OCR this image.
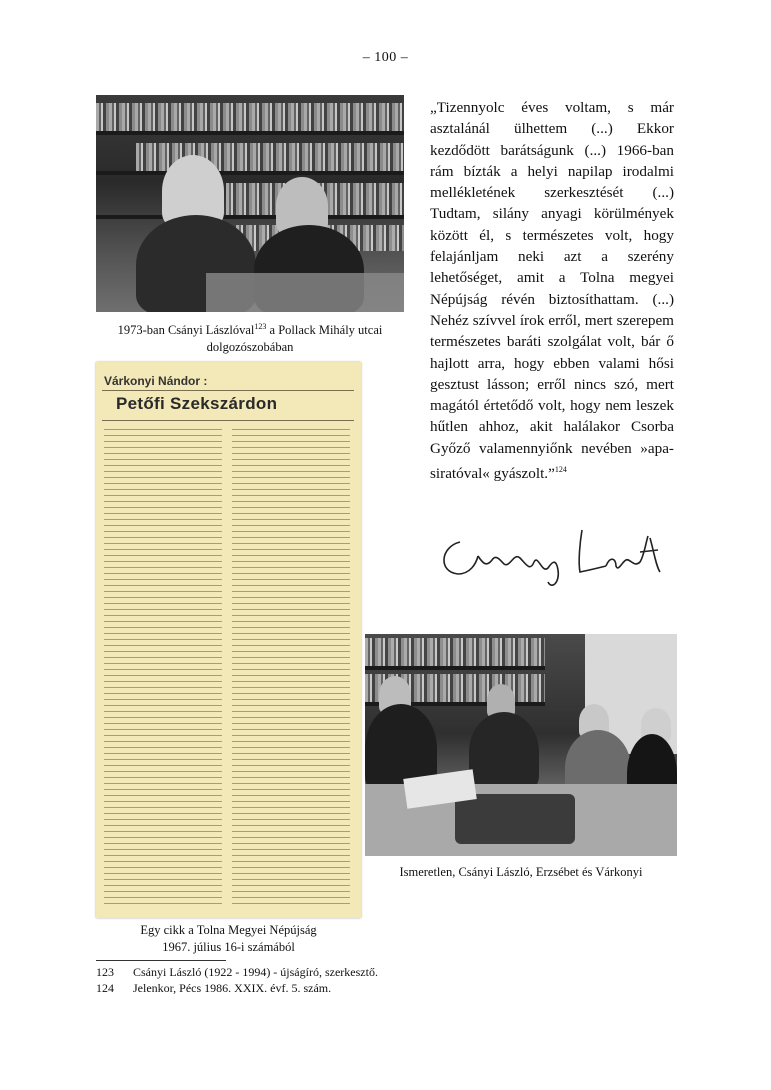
– 100 –
1973-ban Csányi Lászlóval$^{123}$ a Pollack Mihály utcai dolgozószobában
Várkonyi Nándor :
Petőfi Szekszárdon
Egy cikk a Tolna Megyei Népújság
1967. július 16-i számából
„Tizennyolc éves voltam, s már asztalánál ülhettem (...) Ekkor kezdődött barátságunk (...) 1966-ban rám bízták a helyi napilap irodalmi mellékletének szerkesztését (...) Tudtam, silány anyagi körülmények között él, s természetes volt, hogy felajánljam neki azt a szerény lehetőséget, amit a Tolna megyei Népújság révén biztosíthattam. (...) Nehéz szívvel írok erről, mert szerepem természetes baráti szolgálat volt, bár ő hajlott arra, hogy ebben valami hősi gesztust lásson; erről nincs szó, mert magától értetődő volt, hogy nem leszek hűtlen ahhoz, akit halálakor Csorba Győző valamennyiőnk nevében »apa-siratóval« gyászolt.”$^{124}$
Ismeretlen, Csányi László, Erzsébet és Várkonyi
123	Csányi László (1922 - 1994) - újságíró, szerkesztő.
124	Jelenkor, Pécs 1986. XXIX. évf. 5. szám.
